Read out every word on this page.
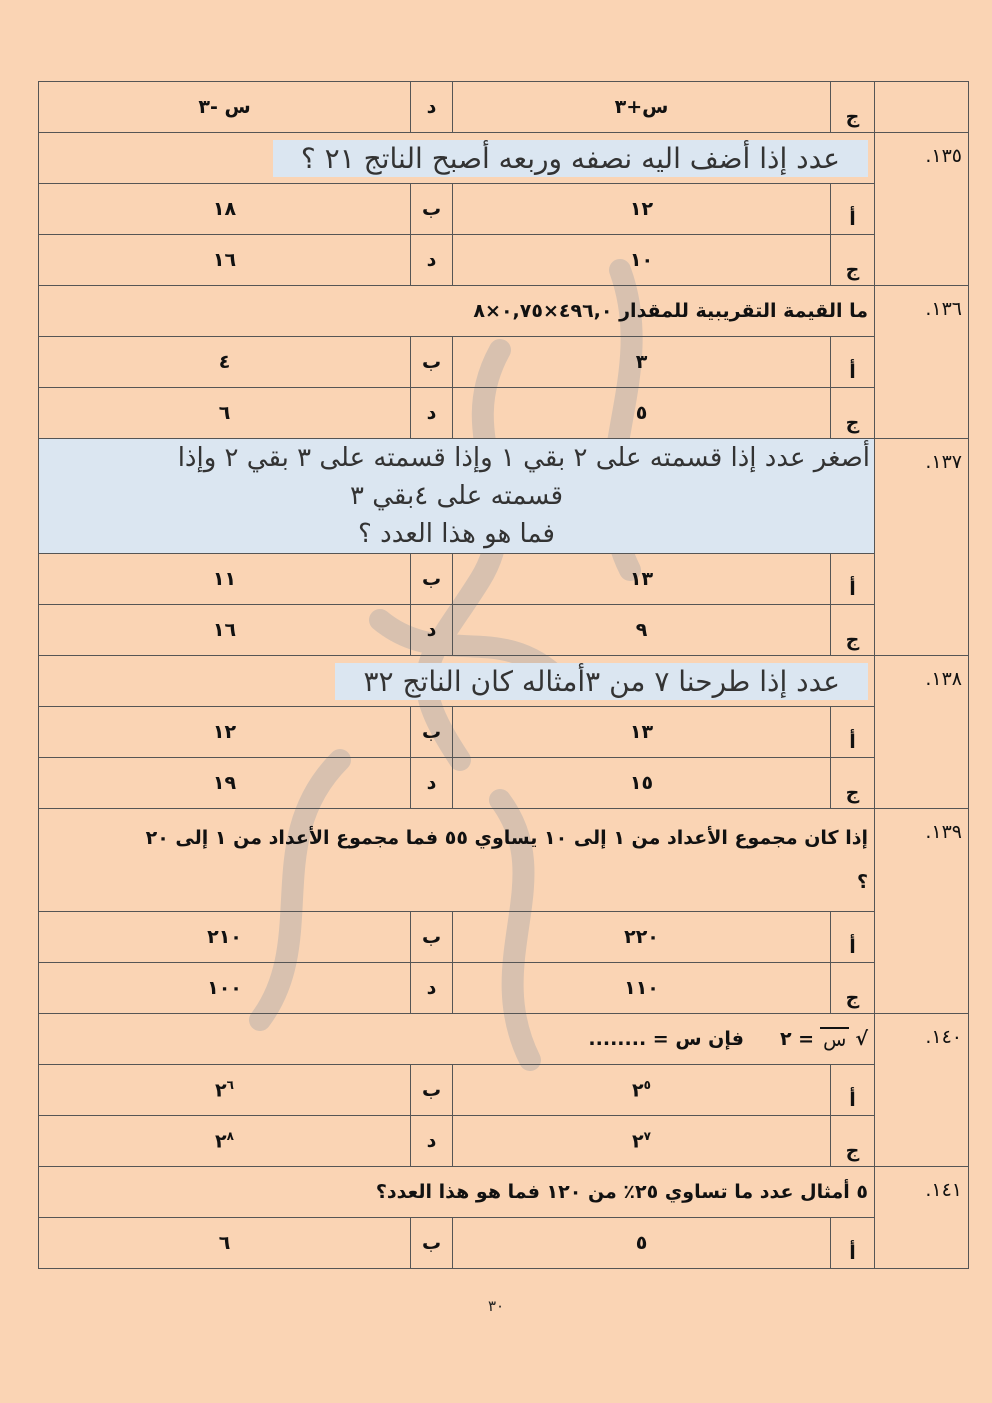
	ج	س+٣	د	س -٣
١٣٥.	عدد إذا أضف اليه نصفه وربعه أصبح الناتج ٢١ ؟			
	أ	١٢	ب	١٨
	ج	١٠	د	١٦
١٣٦.	ما القيمة التقريبية للمقدار ٤٩٦,٠×٠,٧٥×٨			
	أ	٣	ب	٤
	ج	٥	د	٦
١٣٧.	أصغر عدد إذا قسمته على ٢ بقي ١ وإذا قسمته على ٣ بقي ٢ وإذا
قسمته على ٤بقي ٣
فما هو هذا العدد ؟			

	أ	١٣	ب	١١
	ج	٩	د	١٦
١٣٨.	عدد إذا طرحنا ٧ من ٣أمثاله كان الناتج ٣٢			
	أ	١٣	ب	١٢
	ج	١٥	د	١٩
١٣٩.	إذا كان مجموع الأعداد من ١ إلى ١٠ يساوي ٥٥ فما مجموع الأعداد من ١ إلى ٢٠
؟			

	أ	٢٢٠	ب	٢١٠
	ج	١١٠	د	١٠٠
١٤٠.	√
س
= ٢
فإن س = ........			

	أ	$٢^٥$	ب	$٢^٦$
	ج	$٢^٧$	د	$٢^٨$
١٤١.	٥ أمثال عدد ما تساوي ٢٥٪ من ١٢٠ فما هو هذا العدد؟			
	أ	٥	ب	٦
٣٠
